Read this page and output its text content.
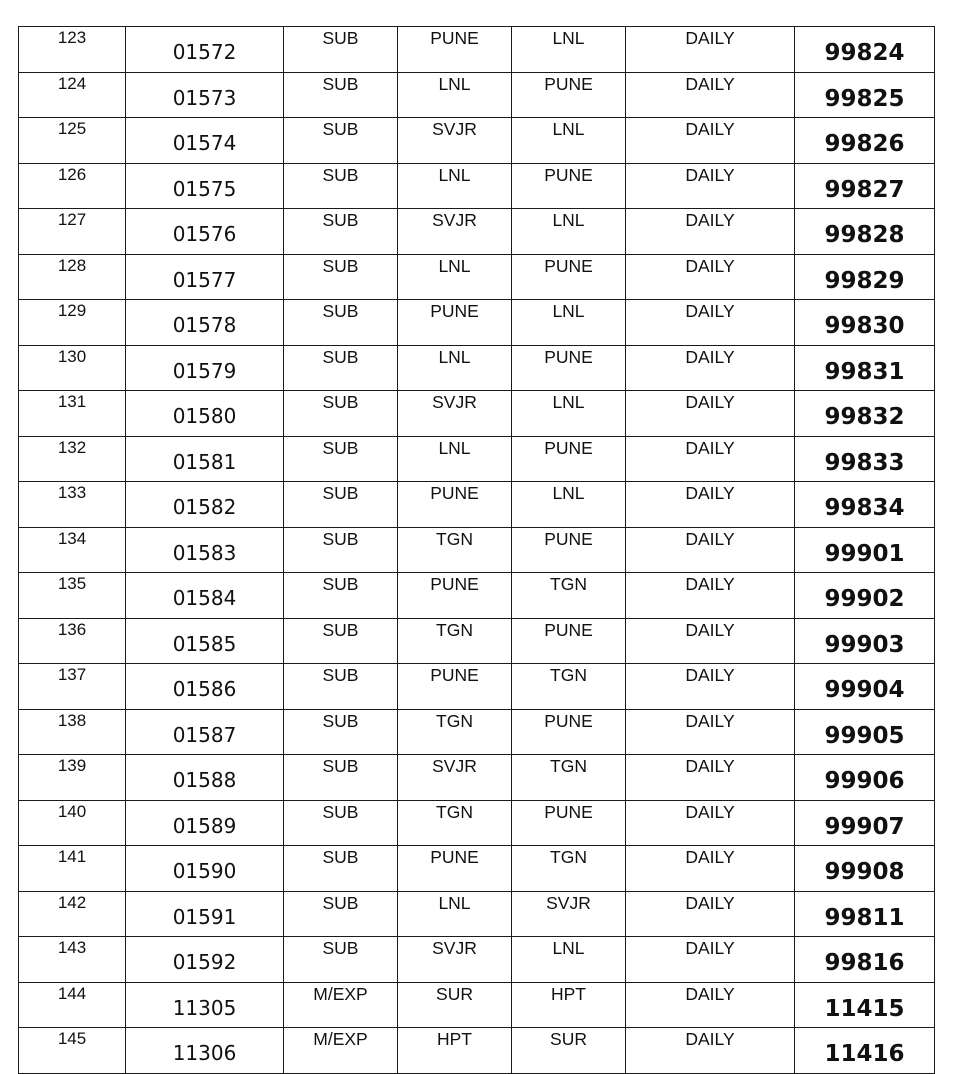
123	01572	SUB	PUNE	LNL	DAILY	99824
124	01573	SUB	LNL	PUNE	DAILY	99825
125	01574	SUB	SVJR	LNL	DAILY	99826
126	01575	SUB	LNL	PUNE	DAILY	99827
127	01576	SUB	SVJR	LNL	DAILY	99828
128	01577	SUB	LNL	PUNE	DAILY	99829
129	01578	SUB	PUNE	LNL	DAILY	99830
130	01579	SUB	LNL	PUNE	DAILY	99831
131	01580	SUB	SVJR	LNL	DAILY	99832
132	01581	SUB	LNL	PUNE	DAILY	99833
133	01582	SUB	PUNE	LNL	DAILY	99834
134	01583	SUB	TGN	PUNE	DAILY	99901
135	01584	SUB	PUNE	TGN	DAILY	99902
136	01585	SUB	TGN	PUNE	DAILY	99903
137	01586	SUB	PUNE	TGN	DAILY	99904
138	01587	SUB	TGN	PUNE	DAILY	99905
139	01588	SUB	SVJR	TGN	DAILY	99906
140	01589	SUB	TGN	PUNE	DAILY	99907
141	01590	SUB	PUNE	TGN	DAILY	99908
142	01591	SUB	LNL	SVJR	DAILY	99811
143	01592	SUB	SVJR	LNL	DAILY	99816
144	11305	M/EXP	SUR	HPT	DAILY	11415
145	11306	M/EXP	HPT	SUR	DAILY	11416
